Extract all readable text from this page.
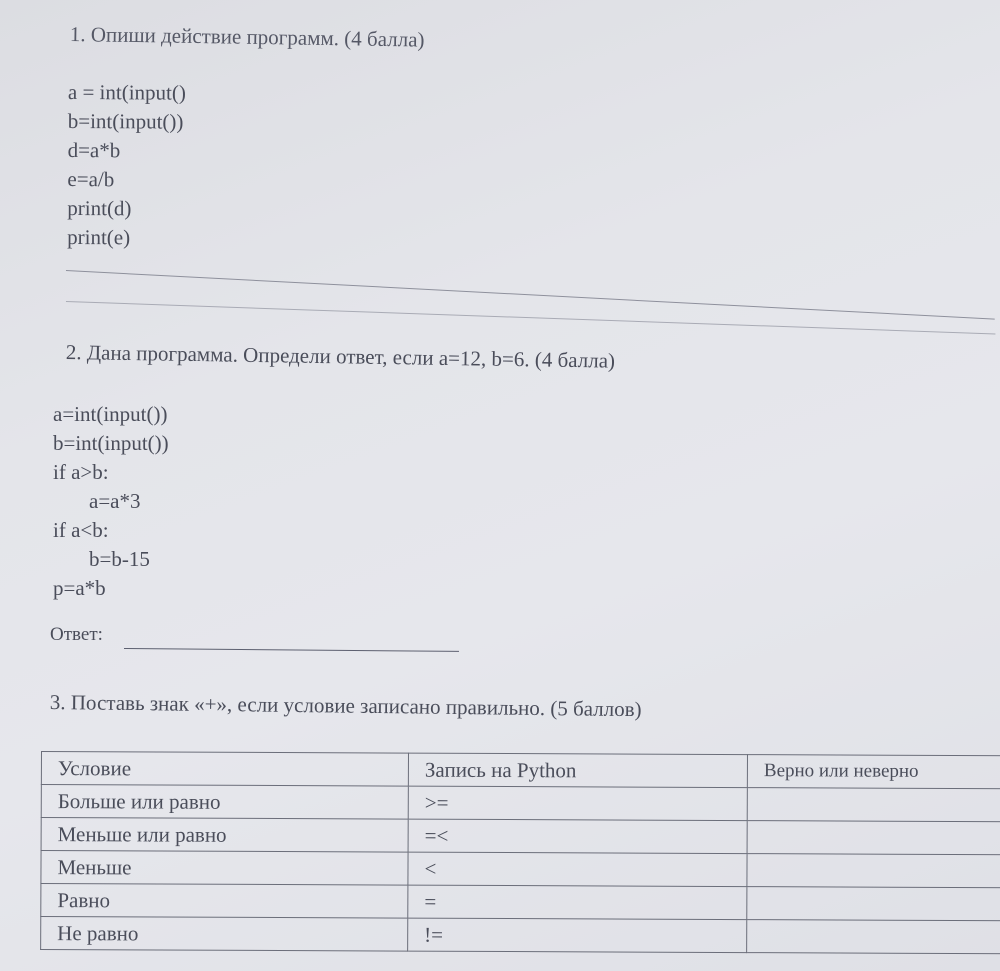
1. Опиши действие программ. (4 балла)
a = int(input()
b=int(input())
d=a*b
e=a/b
print(d)
print(e)
2. Дана программа. Определи ответ, если a=12, b=6. (4 балла)
a=int(input())
b=int(input())
if a>b:
a=a*3
if a<b:
b=b-15
p=a*b
Ответ:
3. Поставь знак «+», если условие записано правильно. (5 баллов)
Условие	Запись на Python	Верно или неверно
Больше или равно	>=	
Меньше или равно	=<	
Меньше	<	
Равно	=	
Не равно	!=	
